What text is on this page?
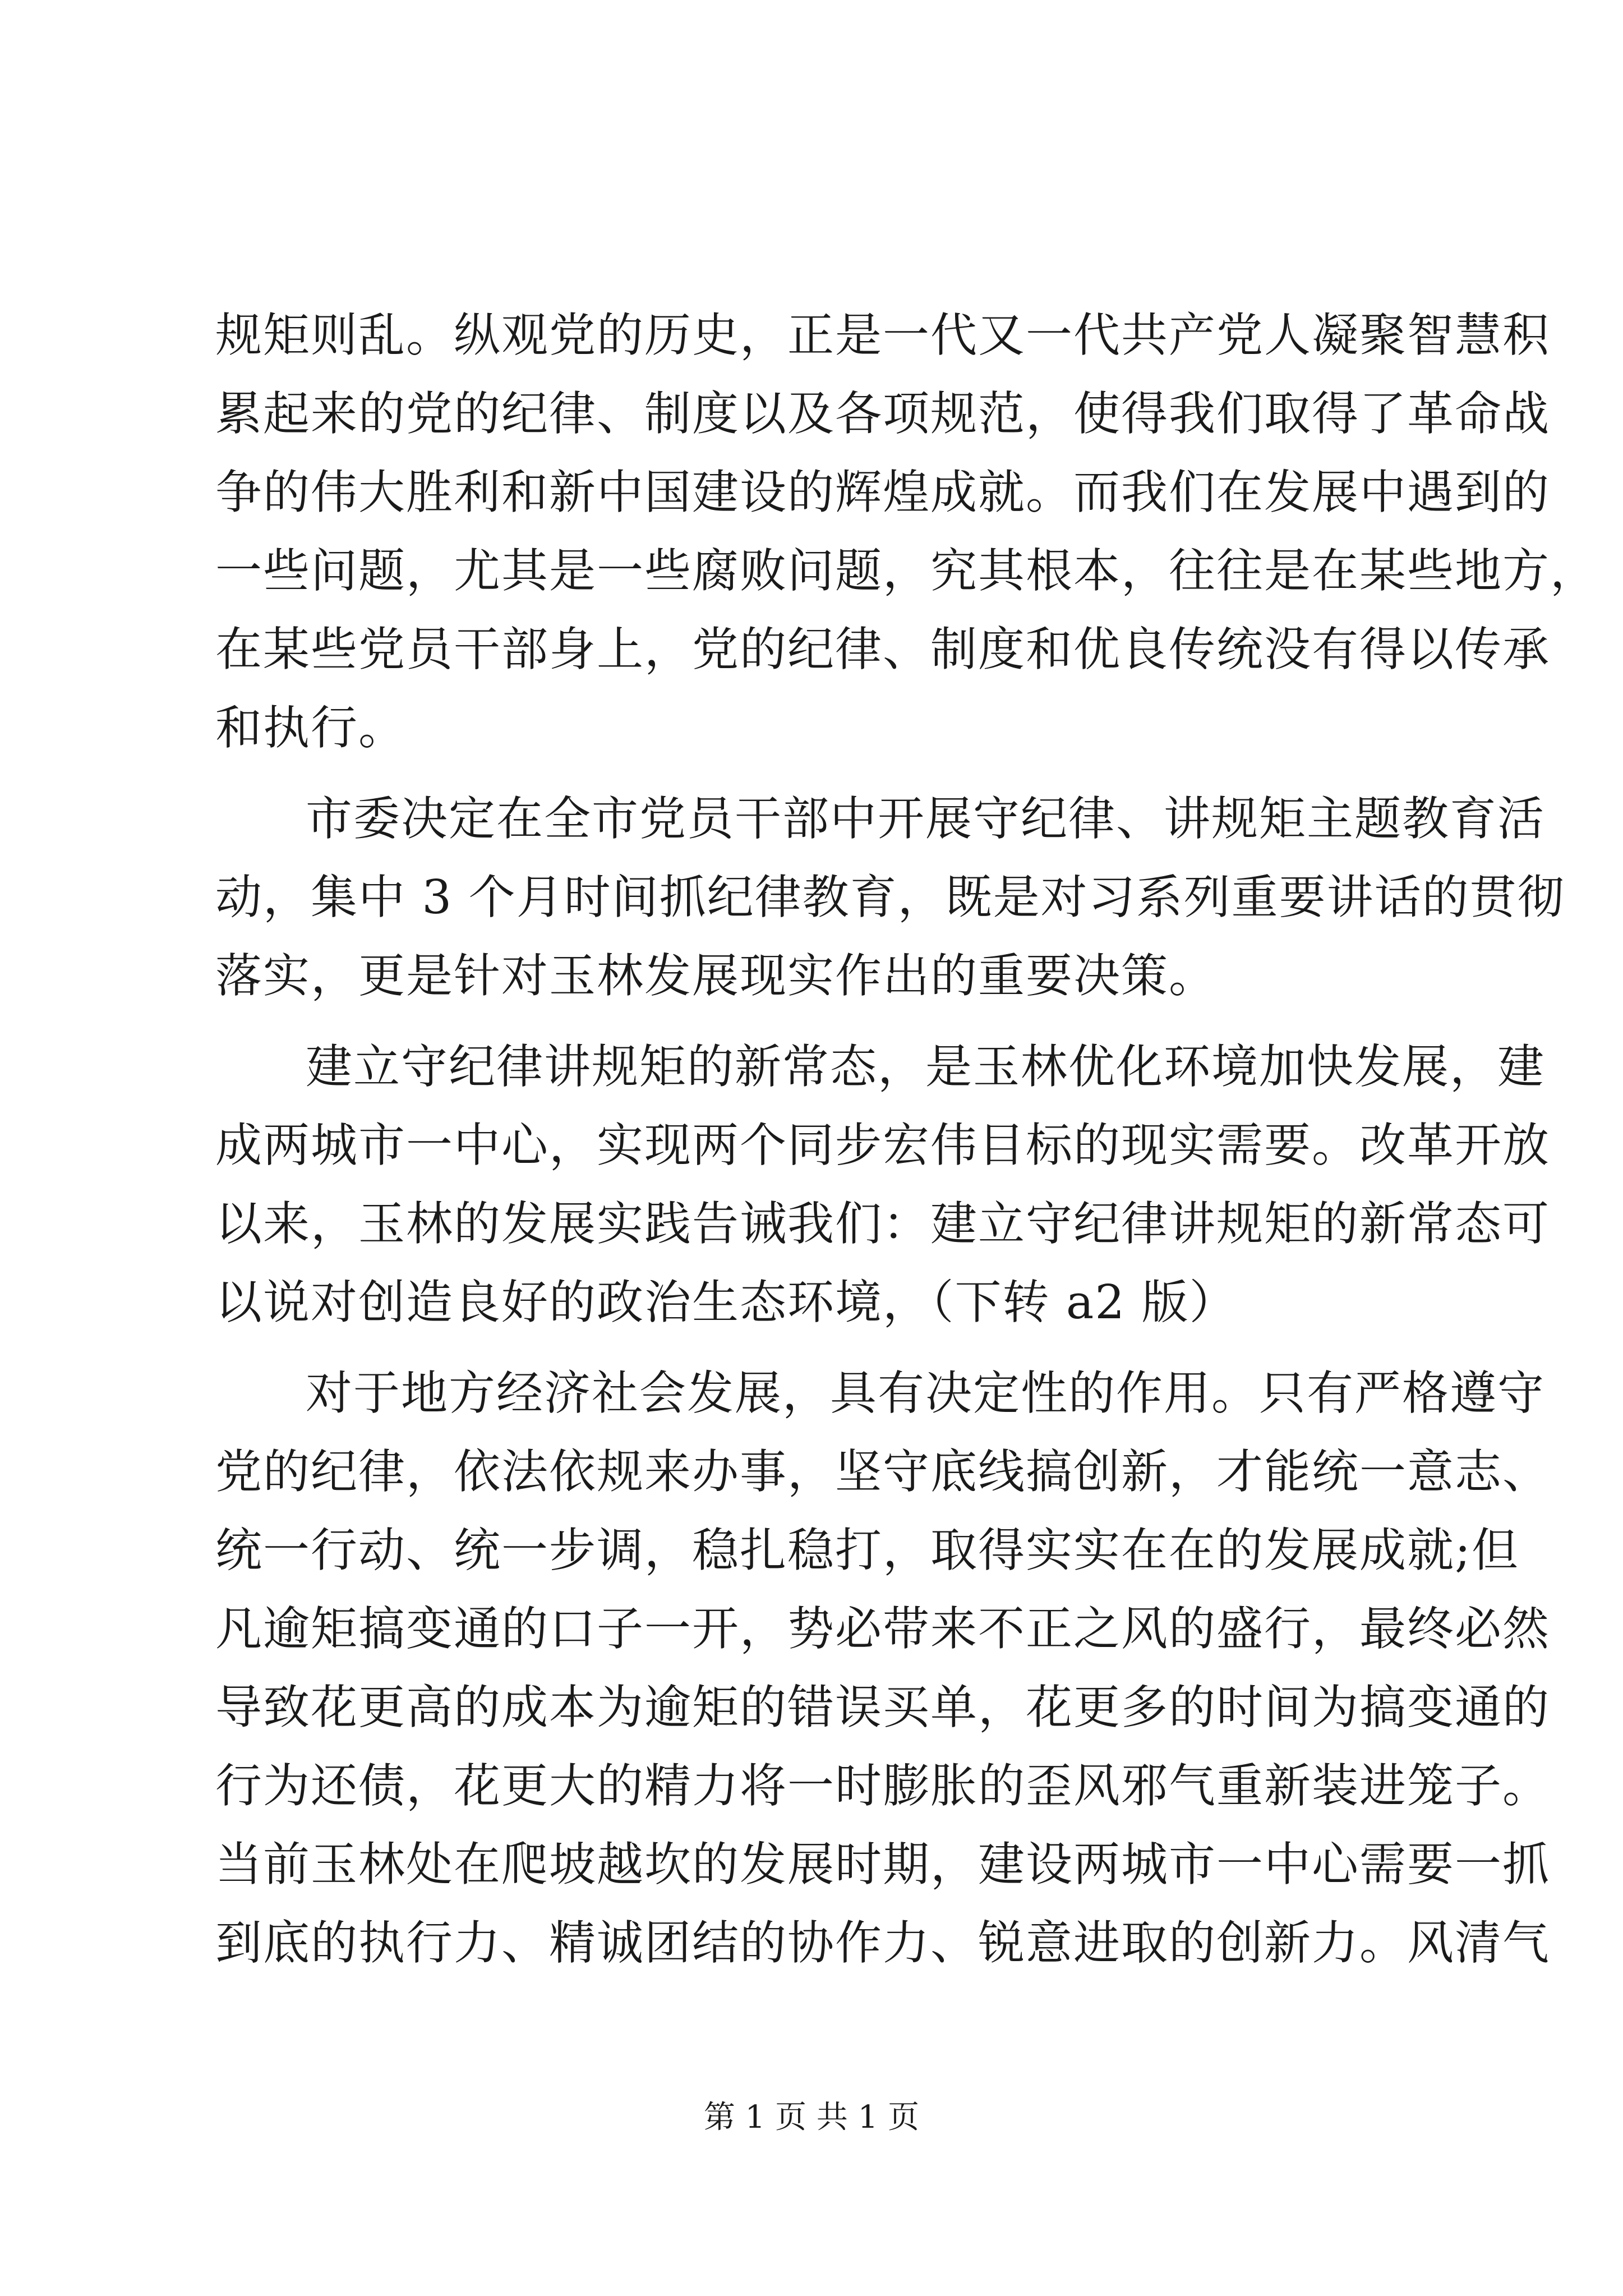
规矩则乱。纵观党的历史，正是一代又一代共产党人凝聚智慧积
累起来的党的纪律、制度以及各项规范，使得我们取得了革命战
争的伟大胜利和新中国建设的辉煌成就。而我们在发展中遇到的
一些问题，尤其是一些腐败问题，究其根本，往往是在某些地方，
在某些党员干部身上，党的纪律、制度和优良传统没有得以传承
和执行。
市委决定在全市党员干部中开展守纪律、讲规矩主题教育活
动，集中 3 个月时间抓纪律教育，既是对习系列重要讲话的贯彻
落实，更是针对玉林发展现实作出的重要决策。
建立守纪律讲规矩的新常态，是玉林优化环境加快发展，建
成两城市一中心，实现两个同步宏伟目标的现实需要。改革开放
以来，玉林的发展实践告诫我们：建立守纪律讲规矩的新常态可
以说对创造良好的政治生态环境，（下转 a2 版）
对于地方经济社会发展，具有决定性的作用。只有严格遵守
党的纪律，依法依规来办事，坚守底线搞创新，才能统一意志、
统一行动、统一步调，稳扎稳打，取得实实在在的发展成就;但
凡逾矩搞变通的口子一开，势必带来不正之风的盛行，最终必然
导致花更高的成本为逾矩的错误买单，花更多的时间为搞变通的
行为还债，花更大的精力将一时膨胀的歪风邪气重新装进笼子。
当前玉林处在爬坡越坎的发展时期，建设两城市一中心需要一抓
到底的执行力、精诚团结的协作力、锐意进取的创新力。风清气
第 1 页 共 1 页
